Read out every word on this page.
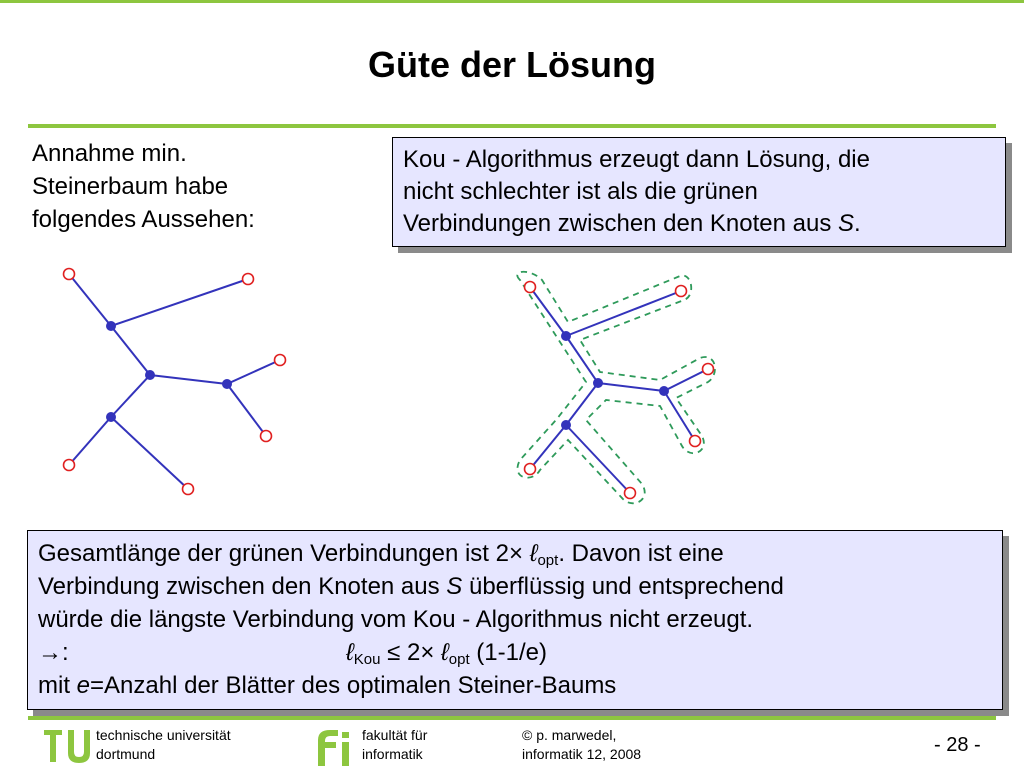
Güte der Lösung
Annahme min.
Steinerbaum habe
folgendes Aussehen:

Kou - Algorithmus erzeugt dann Lösung, die

nicht schlechter ist als die grünen

Verbindungen zwischen den Knoten aus S.

Gesamtlänge der grünen Verbindungen ist 2× ℓ$_{opt}$. Davon ist eine

Verbindung zwischen den Knoten aus S überflüssig und entsprechend

würde die längste Verbindung vom Kou - Algorithmus nicht erzeugt.

→:	ℓ$_{Kou}$ ≤ 2× ℓ$_{opt}$ (1-1/e)

mit e=Anzahl der Blätter des optimalen Steiner-Baums

technische universität
dortmund
fakultät für
informatik
© p. marwedel,
informatik 12, 2008	- 28 -
